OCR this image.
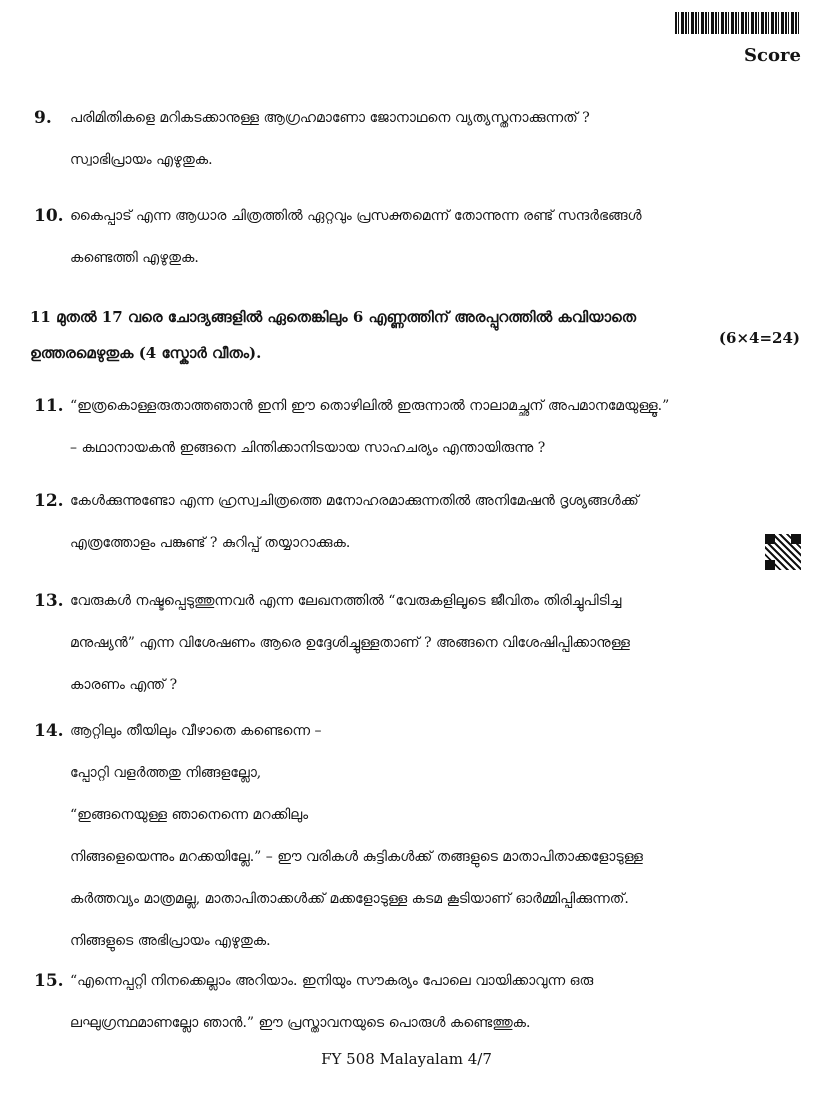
Score
9. പരിമിതികളെ മറികടക്കാനുള്ള ആഗ്രഹമാണോ ജോനാഥനെ വ്യത്യസ്തനാക്കുന്നത് ?

സ്വാഭിപ്രായം എഴുതുക.

10. കൈപ്പാട് എന്ന ആധാര ചിത്രത്തിൽ ഏറ്റവും പ്രസക്തമെന്ന് തോന്നുന്ന രണ്ട് സന്ദർഭങ്ങൾ

കണ്ടെത്തി എഴുതുക.

11 മുതൽ 17 വരെ ചോദ്യങ്ങളിൽ ഏതെങ്കിലും 6 എണ്ണത്തിന് അരപ്പുറത്തിൽ കവിയാതെ
ഉത്തരമെഴുതുക (4 സ്കോർ വീതം).
(6×4=24)
11. “ഇത്രകൊള്ളരുതാത്തഞാൻ ഇനി ഈ തൊഴിലിൽ ഇരുന്നാൽ നാലാമച്ഛന് അപമാനമേയുള്ളൂ.”

– കഥാനായകൻ ഇങ്ങനെ ചിന്തിക്കാനിടയായ സാഹചര്യം എന്തായിരുന്നു ?

12. കേൾക്കുന്നുണ്ടോ എന്ന ഹ്രസ്വചിത്രത്തെ മനോഹരമാക്കുന്നതിൽ അനിമേഷൻ ദൃശ്യങ്ങൾക്ക്

എത്രത്തോളം പങ്കുണ്ട് ? കുറിപ്പ് തയ്യാറാക്കുക.

13. വേരുകൾ നഷ്ടപ്പെടുത്തുന്നവർ എന്ന ലേഖനത്തിൽ “വേരുകളിലൂടെ ജീവിതം തിരിച്ചുപിടിച്ച

മനുഷ്യൻ” എന്ന വിശേഷണം ആരെ ഉദ്ദേശിച്ചുള്ളതാണ് ? അങ്ങനെ വിശേഷിപ്പിക്കാനുള്ള

കാരണം എന്ത് ?

14. ആറ്റിലും തീയിലും വീഴാതെ കണ്ടെന്നെ –

പ്പോറ്റി വളർത്തതു നിങ്ങളല്ലോ,

“ഇങ്ങനെയുള്ള ഞാനെന്നെ മറക്കിലും

നിങ്ങളെയെന്നും മറക്കയില്ലേ.” – ഈ വരികൾ കുട്ടികൾക്ക് തങ്ങളുടെ മാതാപിതാക്കളോടുള്ള

കർത്തവ്യം മാത്രമല്ല, മാതാപിതാക്കൾക്ക് മക്കളോടുള്ള കടമ കൂടിയാണ് ഓർമ്മിപ്പിക്കുന്നത്.

നിങ്ങളുടെ അഭിപ്രായം എഴുതുക.

15. “എന്നെപ്പറ്റി നിനക്കെല്ലാം അറിയാം. ഇനിയും സൗകര്യം പോലെ വായിക്കാവുന്ന ഒരു

ലഘുഗ്രന്ഥമാണല്ലോ ഞാൻ.” ഈ പ്രസ്താവനയുടെ പൊരുൾ കണ്ടെത്തുക.

FY 508 Malayalam 4/7
